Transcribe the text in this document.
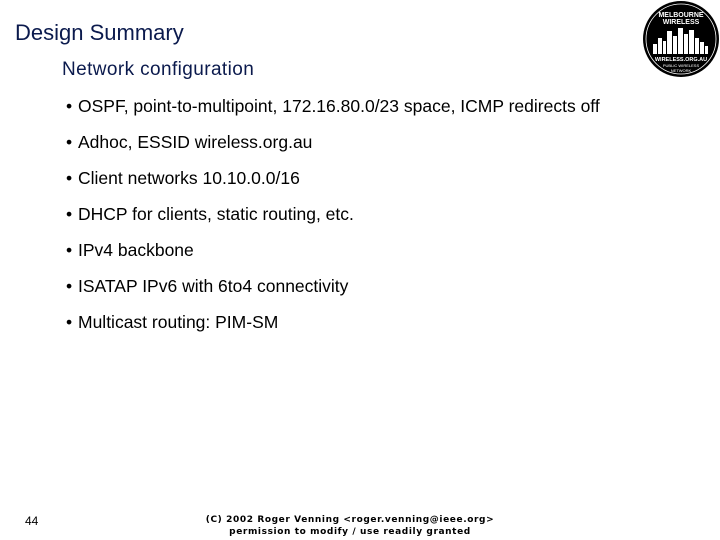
Design Summary
Network configuration
• OSPF, point-to-multipoint, 172.16.80.0/23 space, ICMP redirects off
• Adhoc, ESSID wireless.org.au
• Client networks 10.10.0.0/16
• DHCP for clients, static routing, etc.
• IPv4 backbone
• ISATAP IPv6 with 6to4 connectivity
• Multicast routing: PIM-SM
44	(C) 2002 Roger Venning <roger.venning@ieee.org>
permission to modify / use readily granted
MELBOURNE
WIRELESS
WIRELESS.ORG.AU
PUBLIC WIRELESS
NETWORK
